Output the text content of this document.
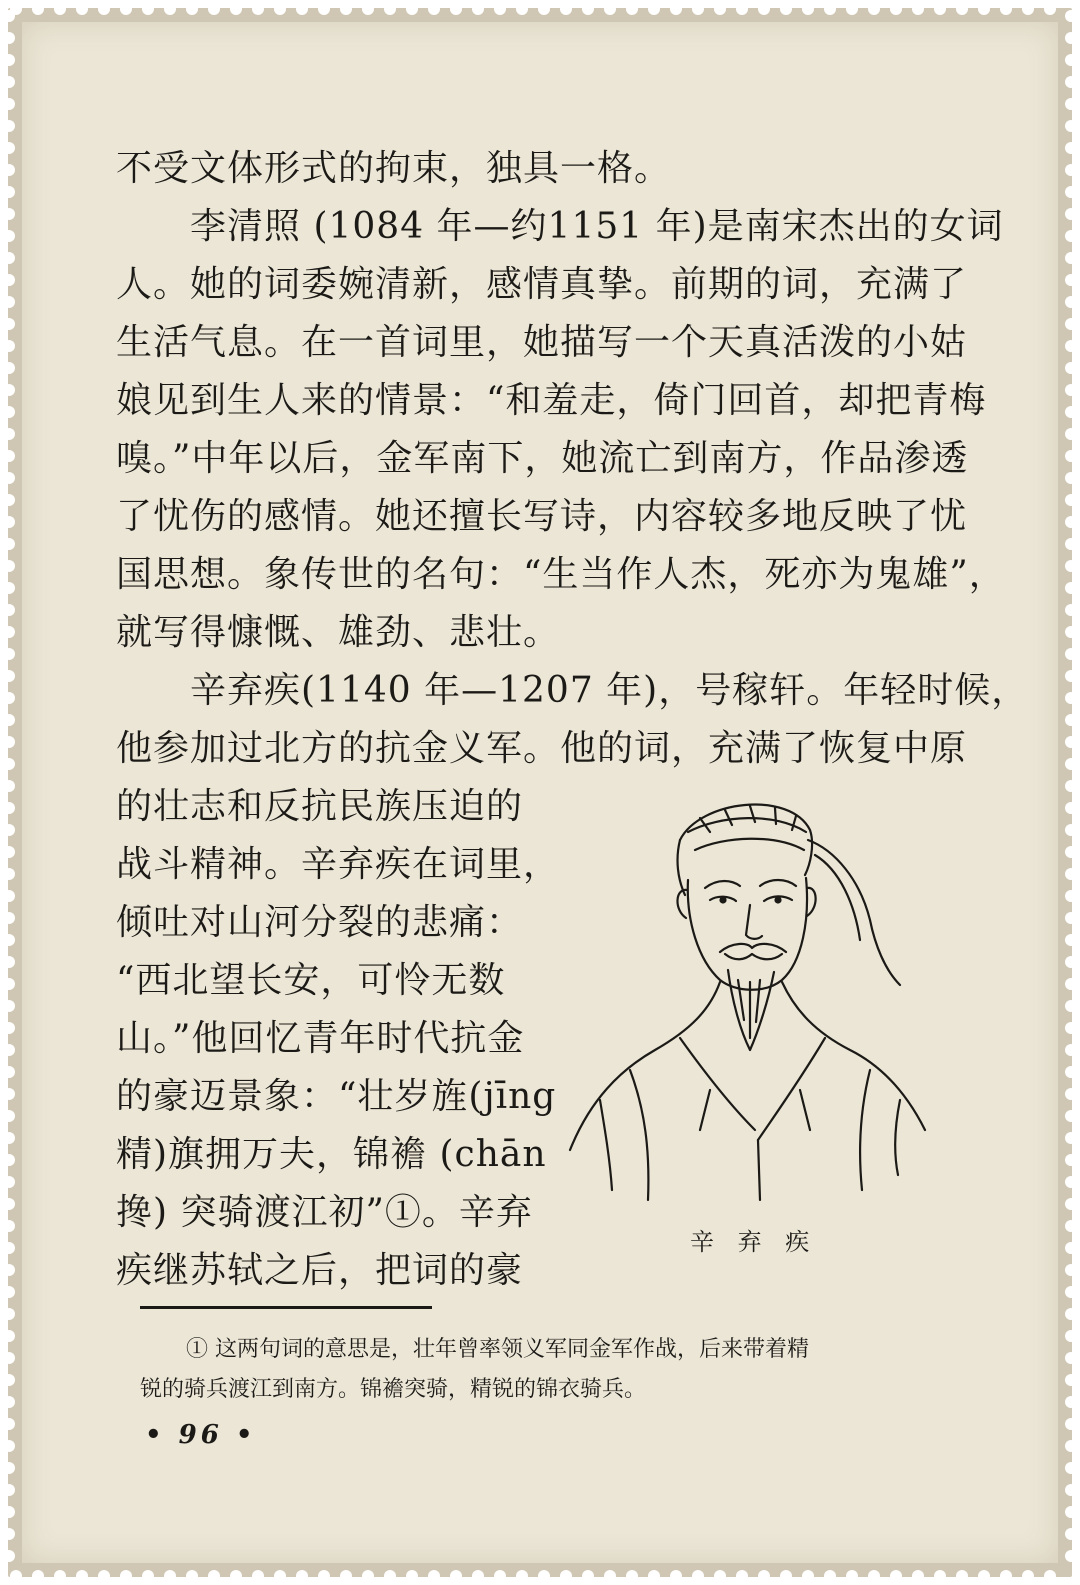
不受文体形式的拘束，独具一格。
李清照 (1084 年—约1151 年)是南宋杰出的女词
人。她的词委婉清新，感情真挚。前期的词，充满了
生活气息。在一首词里，她描写一个天真活泼的小姑
娘见到生人来的情景：“和羞走，倚门回首，却把青梅
嗅。”中年以后，金军南下，她流亡到南方，作品渗透
了忧伤的感情。她还擅长写诗，内容较多地反映了忧
国思想。象传世的名句：“生当作人杰，死亦为鬼雄”，
就写得慷慨、雄劲、悲壮。
辛弃疾(1140 年—1207 年)，号稼轩。年轻时候，
他参加过北方的抗金义军。他的词，充满了恢复中原
的壮志和反抗民族压迫的
战斗精神。辛弃疾在词里，
倾吐对山河分裂的悲痛：
“西北望长安，可怜无数
山。”他回忆青年时代抗金
的豪迈景象：“壮岁旌(jīng
精)旗拥万夫，锦襜 (chān
搀) 突骑渡江初”①。辛弃
疾继苏轼之后，把词的豪
辛 弃 疾
① 这两句词的意思是，壮年曾率领义军同金军作战，后来带着精
锐的骑兵渡江到南方。锦襜突骑，精锐的锦衣骑兵。
• 96 •
